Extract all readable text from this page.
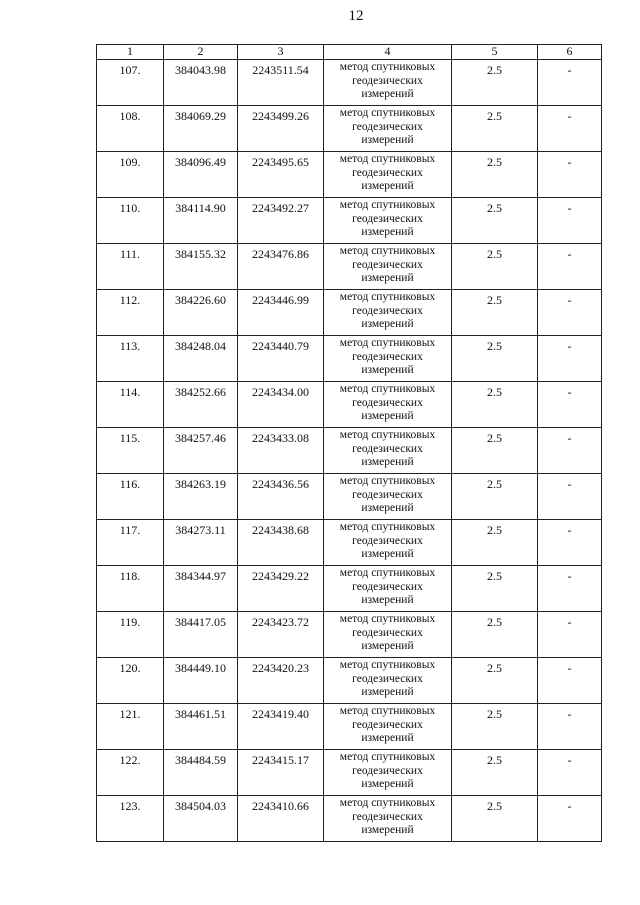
12
1	2	3	4	5	6
107.	384043.98	2243511.54	метод спутниковых
геодезических
измерений	2.5	-
108.	384069.29	2243499.26	метод спутниковых
геодезических
измерений	2.5	-
109.	384096.49	2243495.65	метод спутниковых
геодезических
измерений	2.5	-
110.	384114.90	2243492.27	метод спутниковых
геодезических
измерений	2.5	-
111.	384155.32	2243476.86	метод спутниковых
геодезических
измерений	2.5	-
112.	384226.60	2243446.99	метод спутниковых
геодезических
измерений	2.5	-
113.	384248.04	2243440.79	метод спутниковых
геодезических
измерений	2.5	-
114.	384252.66	2243434.00	метод спутниковых
геодезических
измерений	2.5	-
115.	384257.46	2243433.08	метод спутниковых
геодезических
измерений	2.5	-
116.	384263.19	2243436.56	метод спутниковых
геодезических
измерений	2.5	-
117.	384273.11	2243438.68	метод спутниковых
геодезических
измерений	2.5	-
118.	384344.97	2243429.22	метод спутниковых
геодезических
измерений	2.5	-
119.	384417.05	2243423.72	метод спутниковых
геодезических
измерений	2.5	-
120.	384449.10	2243420.23	метод спутниковых
геодезических
измерений	2.5	-
121.	384461.51	2243419.40	метод спутниковых
геодезических
измерений	2.5	-
122.	384484.59	2243415.17	метод спутниковых
геодезических
измерений	2.5	-
123.	384504.03	2243410.66	метод спутниковых
геодезических
измерений	2.5	-
